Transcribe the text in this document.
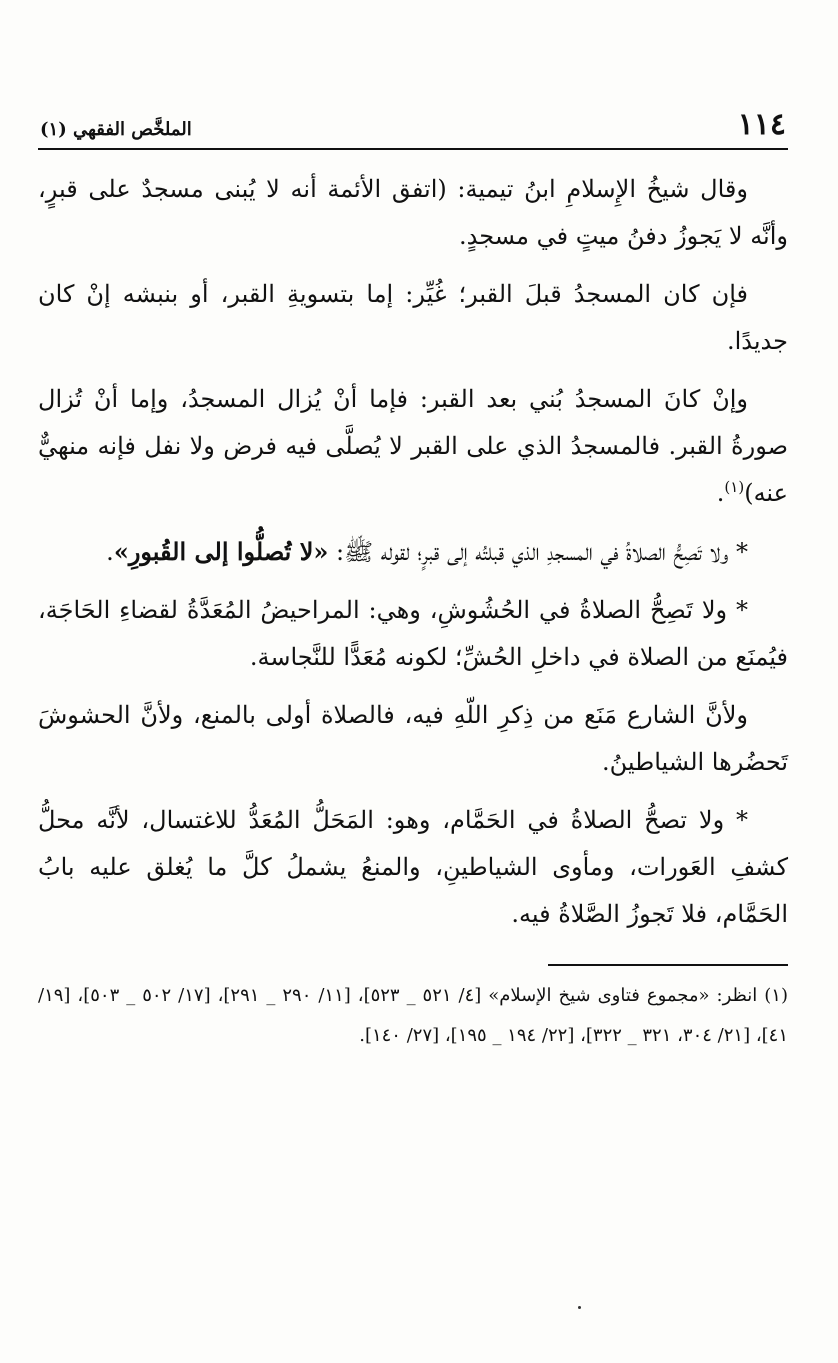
١١٤
الملخَّص الفقهي (١)

وقال شيخُ الإِسلامِ ابنُ تيمية: (اتفق الأئمة أنه لا يُبنى مسجدٌ على قبرٍ، وأنَّه لا يَجوزُ دفنُ ميتٍ في مسجدٍ.

فإن كان المسجدُ قبلَ القبر؛ غُيِّر: إما بتسويةِ القبر، أو بنبشه إنْ كان جديدًا.

وإنْ كانَ المسجدُ بُني بعد القبر: فإما أنْ يُزال المسجدُ، وإما أنْ تُزال صورةُ القبر. فالمسجدُ الذي على القبر لا يُصلَّى فيه فرض ولا نفل فإنه منهيٌّ عنه)$^{(١)}$.

* ولا تَصِحُّ الصلاةُ في المسجدِ الذي قبلتُه إلى قبرٍ؛ لقوله ﷺ: «لا تُصلُّوا إلى القُبورِ».

* ولا تَصِحُّ الصلاةُ في الحُشُوشِ، وهي: المراحيضُ المُعَدَّةُ لقضاءِ الحَاجَة، فيُمنَع من الصلاة في داخلِ الحُشِّ؛ لكونه مُعَدًّا للنَّجاسة.

ولأنَّ الشارع مَنَع من ذِكرِ اللّهِ فيه، فالصلاة أولى بالمنع، ولأنَّ الحشوشَ تَحضُرها الشياطينُ.

* ولا تصحُّ الصلاةُ في الحَمَّام، وهو: المَحَلُّ المُعَدُّ للاغتسال، لأنَّه محلُّ كشفِ العَورات، ومأوى الشياطينِ، والمنعُ يشملُ كلَّ ما يُغلق عليه بابُ الحَمَّام، فلا تَجوزُ الصَّلاةُ فيه.

(١) انظر: «مجموع فتاوى شيخ الإسلام» [٤/ ٥٢١ _ ٥٢٣]، [١١/ ٢٩٠ _ ٢٩١]، [١٧/ ٥٠٢ _ ٥٠٣]، [١٩/ ٤١]، [٢١/ ٣٠٤، ٣٢١ _ ٣٢٢]، [٢٢/ ١٩٤ _ ١٩٥]، [٢٧/ ١٤٠].
